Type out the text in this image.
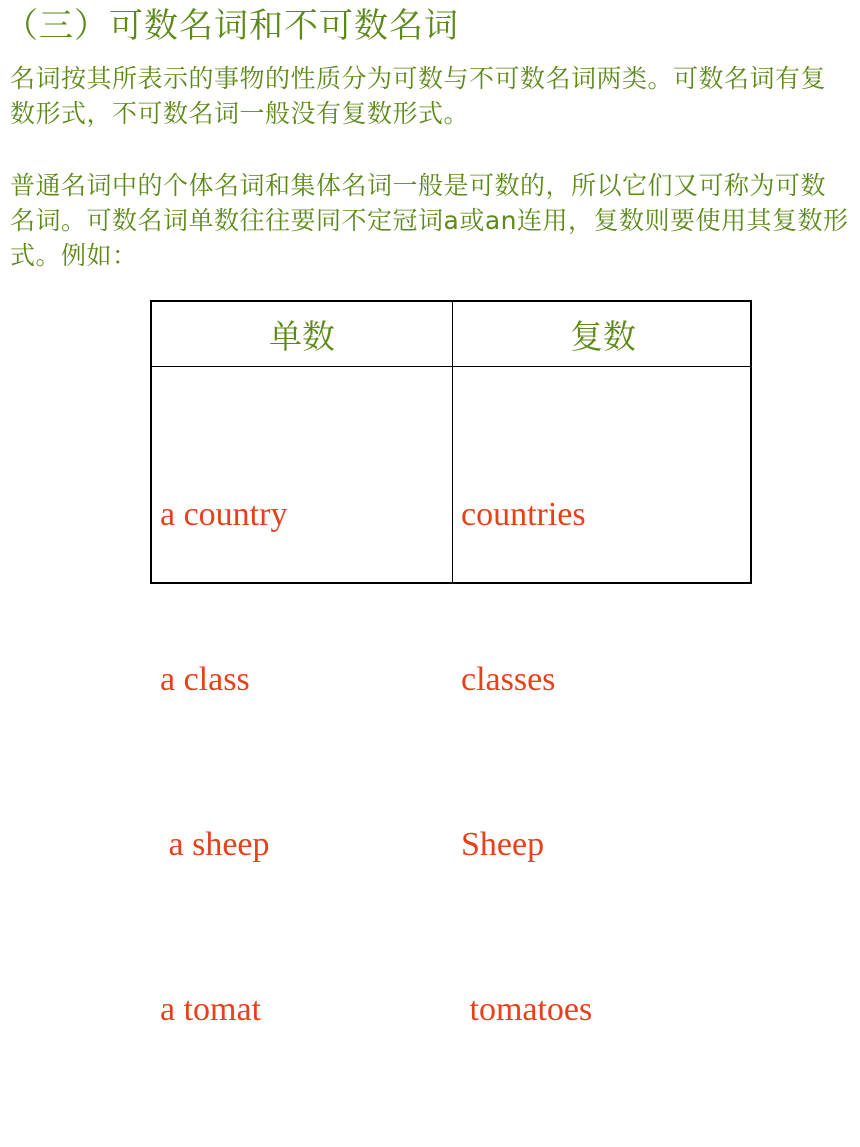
（三）可数名词和不可数名词
名词按其所表示的事物的性质分为可数与不可数名词两类。可数名词有复数形式，不可数名词一般没有复数形式。
普通名词中的个体名词和集体名词一般是可数的，所以它们又可称为可数名词。可数名词单数往往要同不定冠词a或an连用，复数则要使用其复数形式。例如：
单数	复数

a country

a class

a sheep

a tomat

countries

classes

Sheep

tomatoes
